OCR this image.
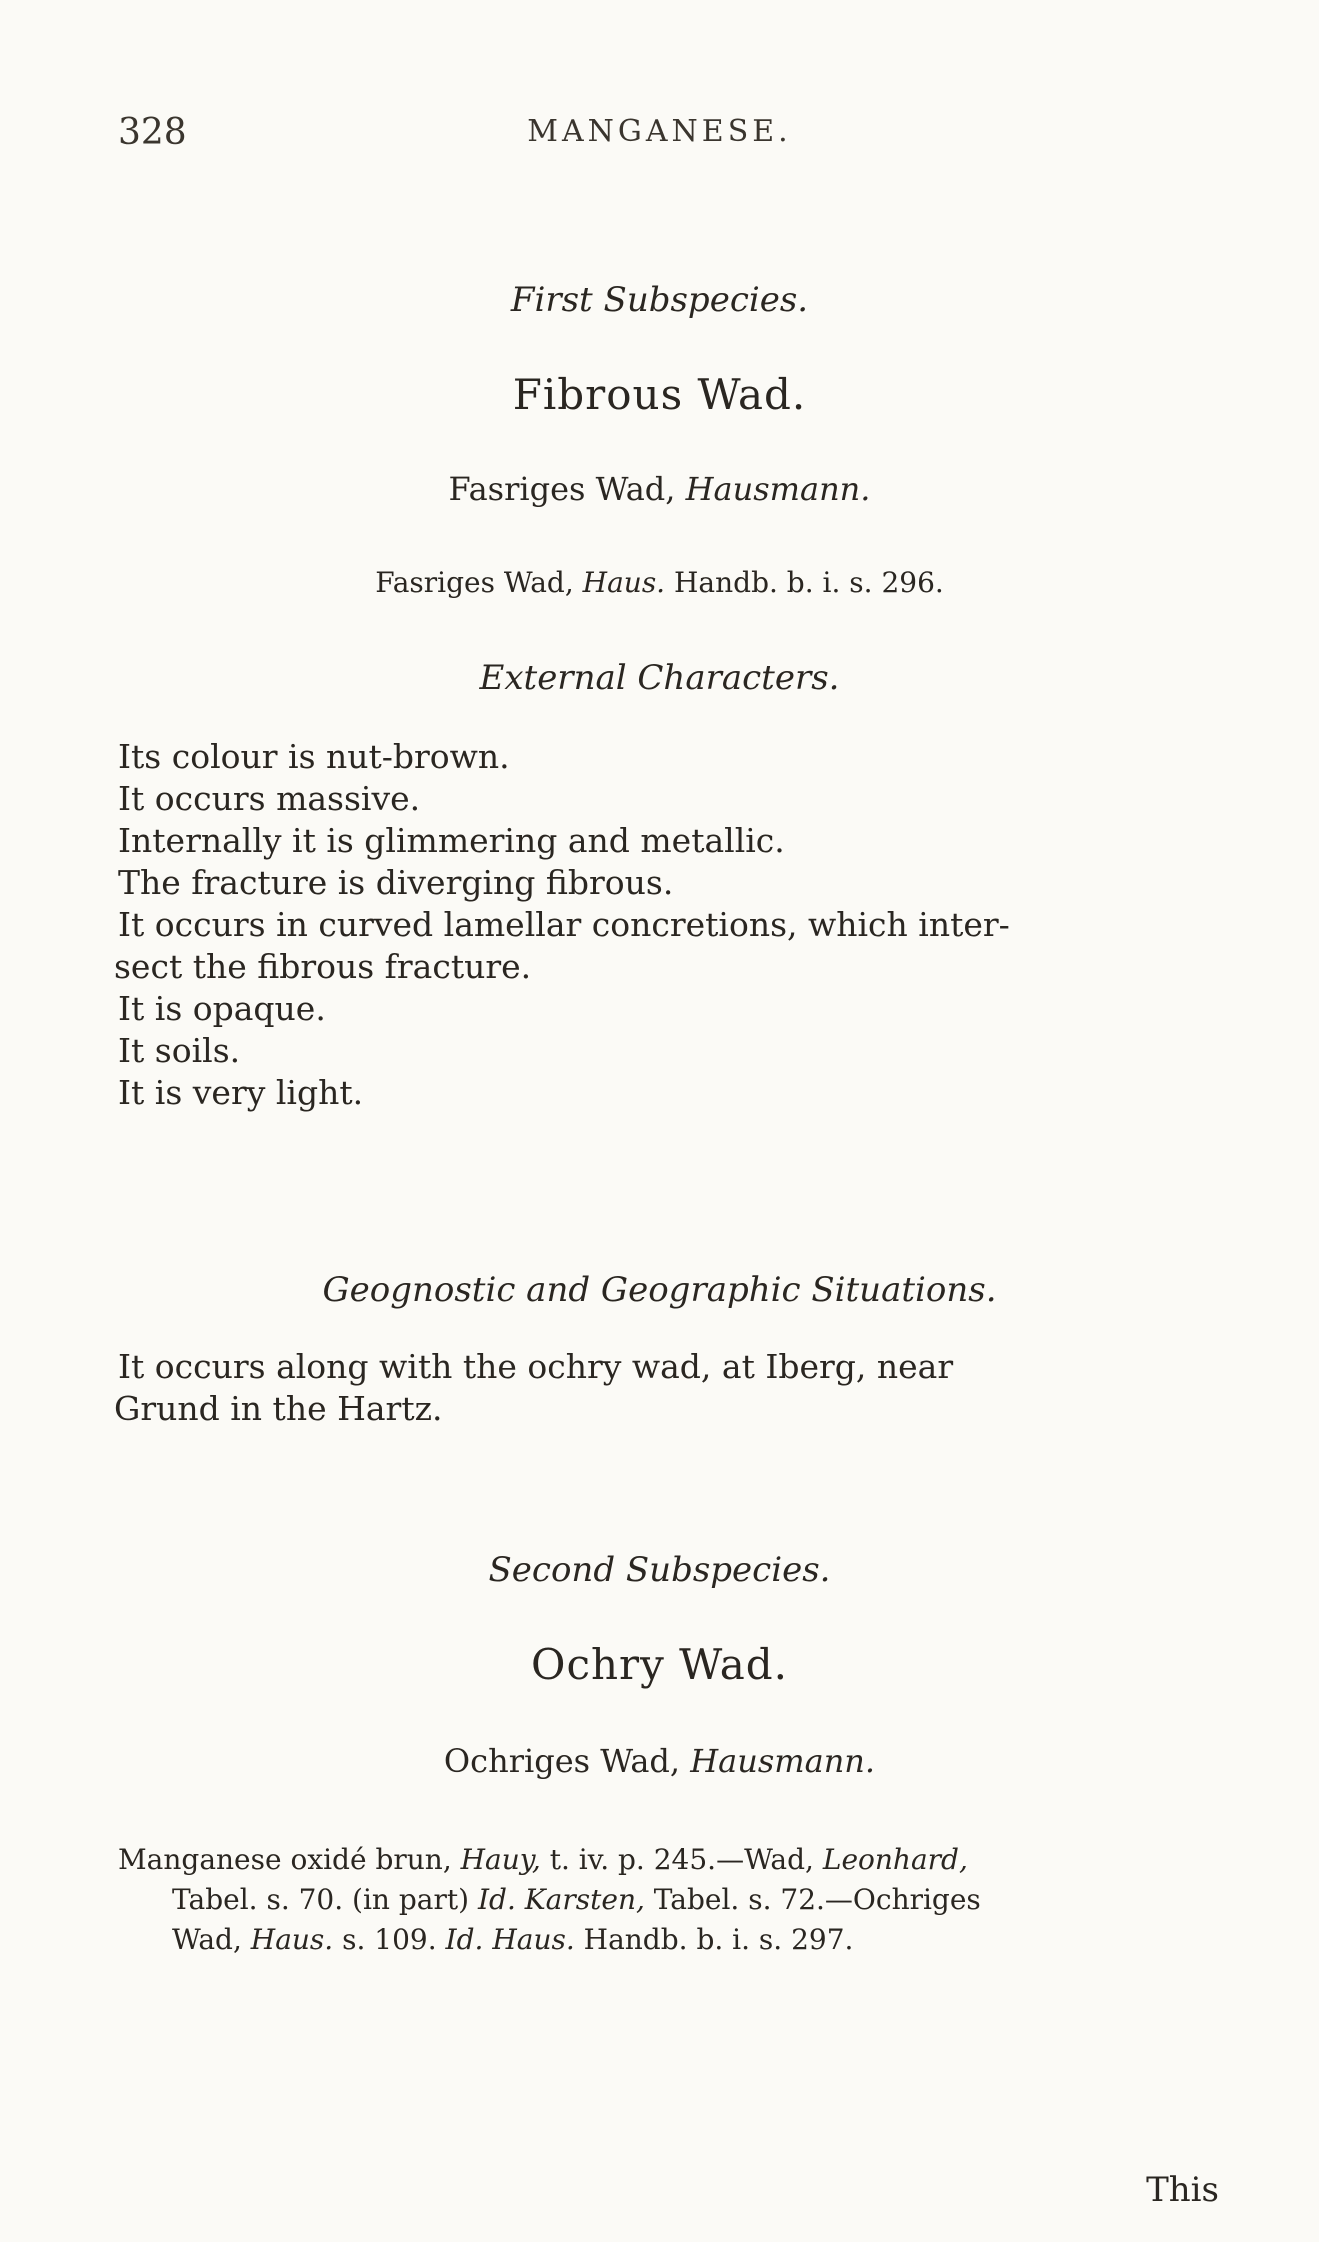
328	MANGANESE.
First Subspecies.
Fibrous Wad.
Fasriges Wad, Hausmann.
Fasriges Wad, Haus. Handb. b. i. s. 296.
External Characters.
Its colour is nut-brown.
It occurs massive.
Internally it is glimmering and metallic.
The fracture is diverging fibrous.
It occurs in curved lamellar concretions, which inter-
sect the fibrous fracture.
It is opaque.
It soils.
It is very light.
Geognostic and Geographic Situations.
It occurs along with the ochry wad, at Iberg, near
Grund in the Hartz.
Second Subspecies.
Ochry Wad.
Ochriges Wad, Hausmann.
Manganese oxidé brun, Hauy, t. iv. p. 245.—Wad, Leonhard,
Tabel. s. 70. (in part) Id. Karsten, Tabel. s. 72.—Ochriges
Wad, Haus. s. 109. Id. Haus. Handb. b. i. s. 297.
This
